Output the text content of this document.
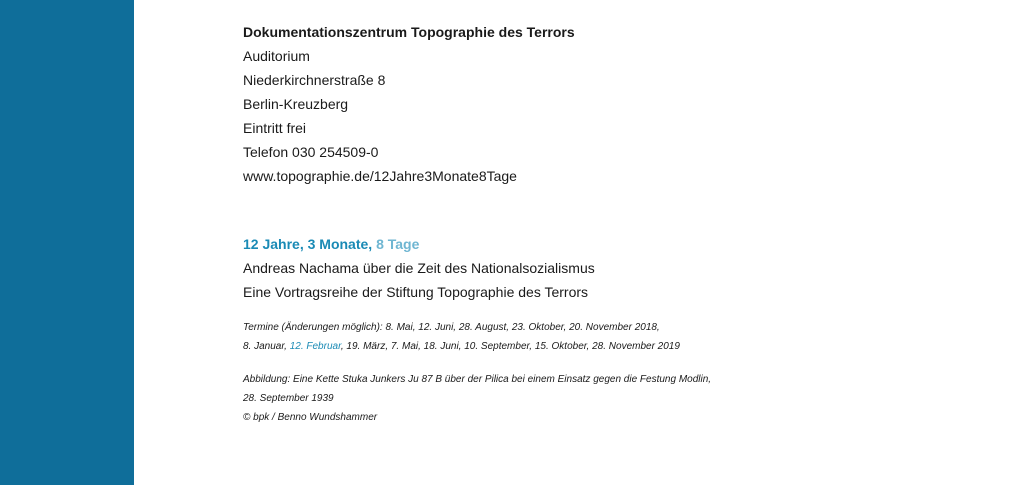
Dokumentationszentrum Topographie des Terrors

Auditorium

Niederkirchnerstraße 8

Berlin-Kreuzberg

Eintritt frei

Telefon 030 254509-0

www.topographie.de/12Jahre3Monate8Tage

12 Jahre, 3 Monate, 8 Tage

Andreas Nachama über die Zeit des Nationalsozialismus

Eine Vortragsreihe der Stiftung Topographie des Terrors

Termine (Änderungen möglich): 8. Mai, 12. Juni, 28. August, 23. Oktober, 20. November 2018,

8. Januar, 12. Februar, 19. März, 7. Mai, 18. Juni, 10. September, 15. Oktober, 28. November 2019

Abbildung: Eine Kette Stuka Junkers Ju 87 B über der Pilica bei einem Einsatz gegen die Festung Modlin,

28. September 1939

© bpk / Benno Wundshammer
